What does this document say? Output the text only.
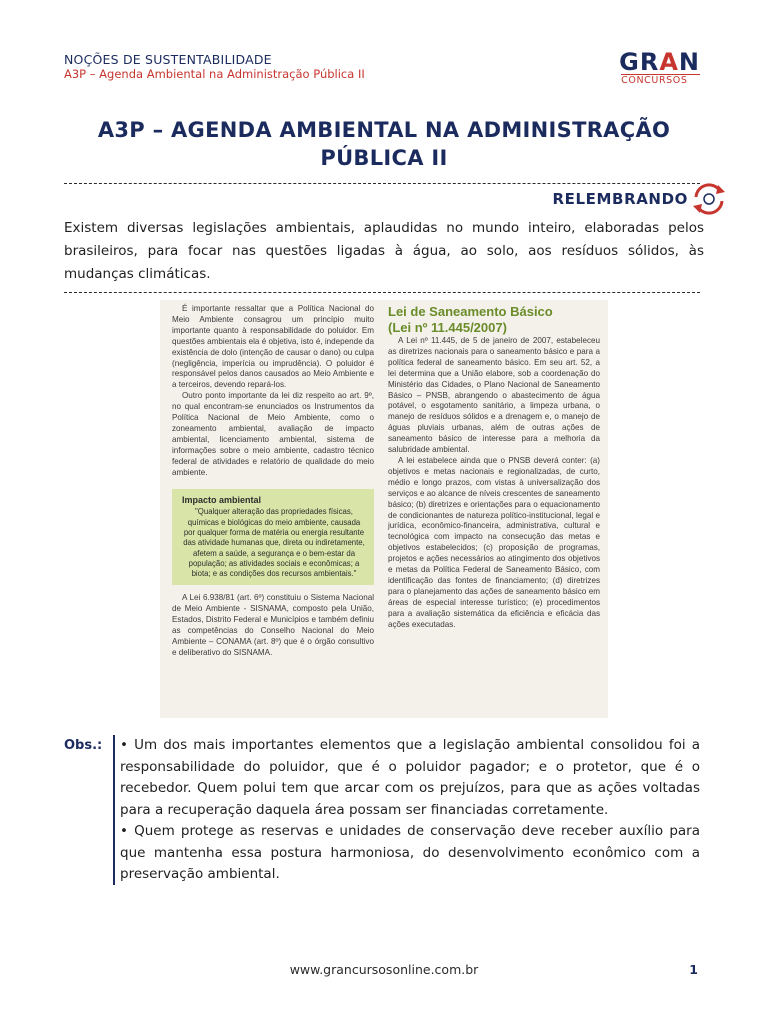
NOÇÕES DE SUSTENTABILIDADE
A3P – Agenda Ambiental na Administração Pública II	GRAN
CONCURSOS
A3P – AGENDA AMBIENTAL NA ADMINISTRAÇÃO PÚBLICA II
RELEMBRANDO
Existem diversas legislações ambientais, aplaudidas no mundo inteiro, elaboradas pelos brasileiros, para focar nas questões ligadas à água, ao solo, aos resíduos sólidos, às mudanças climáticas.

É importante ressaltar que a Política Nacional do Meio Ambiente consagrou um princípio muito importante quanto à responsabilidade do poluidor. Em questões ambientais ela é objetiva, isto é, independe da existência de dolo (intenção de causar o dano) ou culpa (negligência, imperícia ou imprudência). O poluidor é responsável pelos danos causados ao Meio Ambiente e a terceiros, devendo repará-los.

Outro ponto importante da lei diz respeito ao art. 9º, no qual encontram-se enunciados os Instrumentos da Política Nacional de Meio Ambiente, como o zoneamento ambiental, avaliação de impacto ambiental, licenciamento ambiental, sistema de informações sobre o meio ambiente, cadastro técnico federal de atividades e relatório de qualidade do meio ambiente.

Impacto ambiental
"Qualquer alteração das propriedades físicas, químicas e biológicas do meio ambiente, causada por qualquer forma de matéria ou energia resultante das atividade humanas que, direta ou indiretamente, afetem a saúde, a segurança e o bem-estar da população; as atividades sociais e econômicas; a biota; e as condições dos recursos ambientais."

A Lei 6.938/81 (art. 6º) constituiu o Sistema Nacional de Meio Ambiente - SISNAMA, composto pela União, Estados, Distrito Federal e Municípios e também definiu as competências do Conselho Nacional do Meio Ambiente – CONAMA (art. 8º) que é o órgão consultivo e deliberativo do SISNAMA.

Lei de Saneamento Básico
(Lei nº 11.445/2007)

A Lei nº 11.445, de 5 de janeiro de 2007, estabeleceu as diretrizes nacionais para o saneamento básico e para a política federal de saneamento básico. Em seu art. 52, a lei determina que a União elabore, sob a coordenação do Ministério das Cidades, o Plano Nacional de Saneamento Básico – PNSB, abrangendo o abastecimento de água potável, o esgotamento sanitário, a limpeza urbana, o manejo de resíduos sólidos e a drenagem e, o manejo de águas pluviais urbanas, além de outras ações de saneamento básico de interesse para a melhoria da salubridade ambiental.

A lei estabelece ainda que o PNSB deverá conter: (a) objetivos e metas nacionais e regionalizadas, de curto, médio e longo prazos, com vistas à universalização dos serviços e ao alcance de níveis crescentes de saneamento básico; (b) diretrizes e orientações para o equacionamento de condicionantes de natureza político-institucional, legal e jurídica, econômico-financeira, administrativa, cultural e tecnológica com impacto na consecução das metas e objetivos estabelecidos; (c) proposição de programas, projetos e ações necessários ao atingimento dos objetivos e metas da Política Federal de Saneamento Básico, com identificação das fontes de financiamento; (d) diretrizes para o planejamento das ações de saneamento básico em áreas de especial interesse turístico; (e) procedimentos para a avaliação sistemática da eficiência e eficácia das ações executadas.

Obs.: • Um dos mais importantes elementos que a legislação ambiental consolidou foi a responsabilidade do poluidor, que é o poluidor pagador; e o protetor, que é o recebedor. Quem polui tem que arcar com os prejuízos, para que as ações voltadas para a recuperação daquela área possam ser financiadas corretamente.
• Quem protege as reservas e unidades de conservação deve receber auxílio para que mantenha essa postura harmoniosa, do desenvolvimento econômico com a preservação ambiental.
www.grancursosonline.com.br	1
